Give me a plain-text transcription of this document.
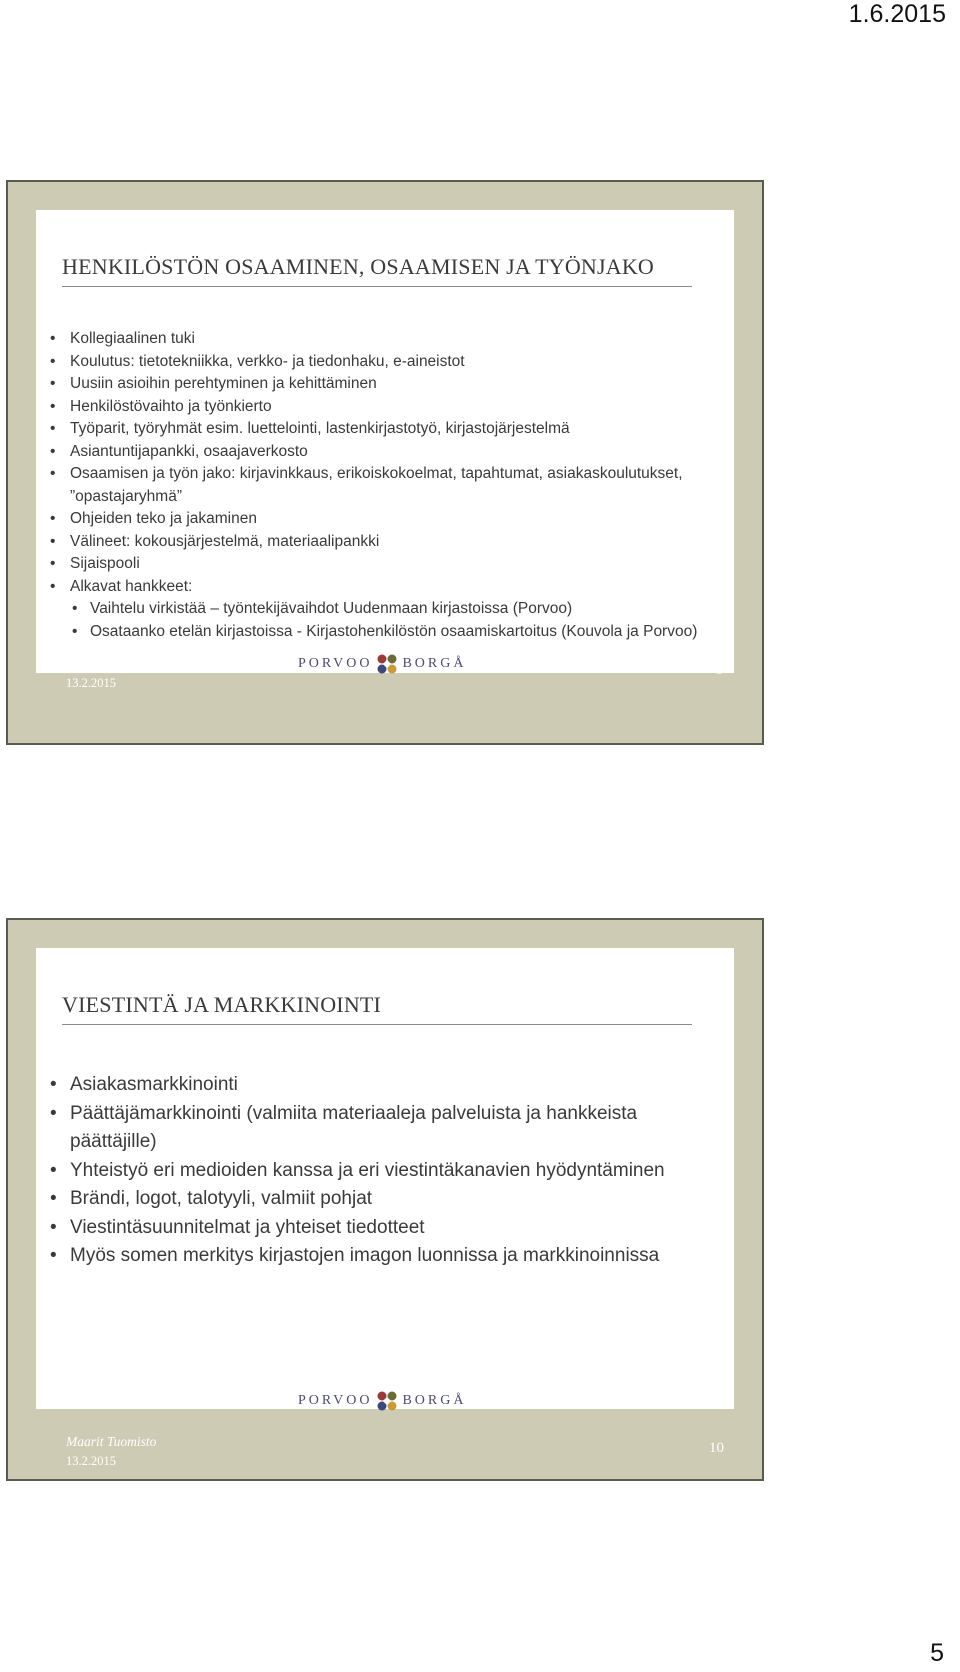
1.6.2015
HENKILÖSTÖN OSAAMINEN, OSAAMISEN JA TYÖNJAKO
• Kollegiaalinen tuki
• Koulutus: tietotekniikka, verkko- ja tiedonhaku, e-aineistot
• Uusiin asioihin perehtyminen ja kehittäminen
• Henkilöstövaihto ja työnkierto
• Työparit, työryhmät esim. luettelointi, lastenkirjastotyö, kirjastojärjestelmä
• Asiantuntijapankki, osaajaverkosto
• Osaamisen ja työn jako: kirjavinkkaus, erikoiskokoelmat, tapahtumat, asiakaskoulutukset, ”opastajaryhmä”
• Ohjeiden teko ja jakaminen
• Välineet: kokousjärjestelmä, materiaalipankki
• Sijaispooli
• Alkavat hankkeet:
• Vaihtelu virkistää – työntekijävaihdot Uudenmaan kirjastoissa (Porvoo)
• Osataanko etelän kirjastoissa - Kirjastohenkilöstön osaamiskartoitus (Kouvola ja Porvoo)
PORVOO BORGÅ
Maarit Tuomisto
13.2.2015
9
VIESTINTÄ JA MARKKINOINTI
• Asiakasmarkkinointi
• Päättäjämarkkinointi (valmiita materiaaleja palveluista ja hankkeista päättäjille)
• Yhteistyö eri medioiden kanssa ja eri viestintäkanavien hyödyntäminen
• Brändi, logot, talotyyli, valmiit pohjat
• Viestintäsuunnitelmat ja yhteiset tiedotteet
• Myös somen merkitys kirjastojen imagon luonnissa ja markkinoinnissa
PORVOO BORGÅ
Maarit Tuomisto
13.2.2015
10
5
